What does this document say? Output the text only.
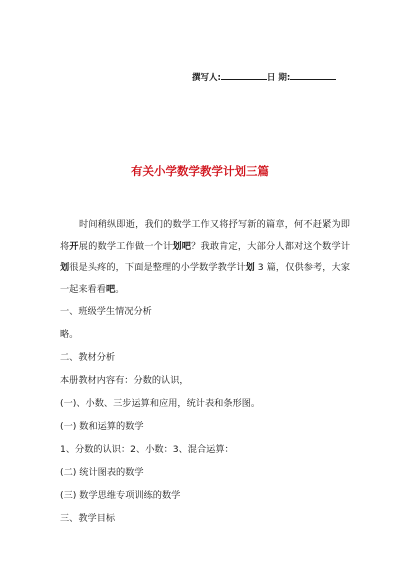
撰写人:	日 期:
有关小学数学教学计划三篇
时间稍纵即逝，我们的数学工作又将抒写新的篇章，何不赶紧为即将开展的数学工作做一个计划吧？我敢肯定，大部分人都对这个数学计划很是头疼的，下面是整理的小学数学教学计划 3 篇，仅供参考，大家一起来看看吧。
一、班级学生情况分析
略。
二、教材分析
本册教材内容有：分数的认识，
(一)、小数、三步运算和应用，统计表和条形图。
(一) 数和运算的数学
1、分数的认识：2、小数：3、混合运算：
(二) 统计图表的数学
(三) 数学思维专项训练的数学
三、教学目标
